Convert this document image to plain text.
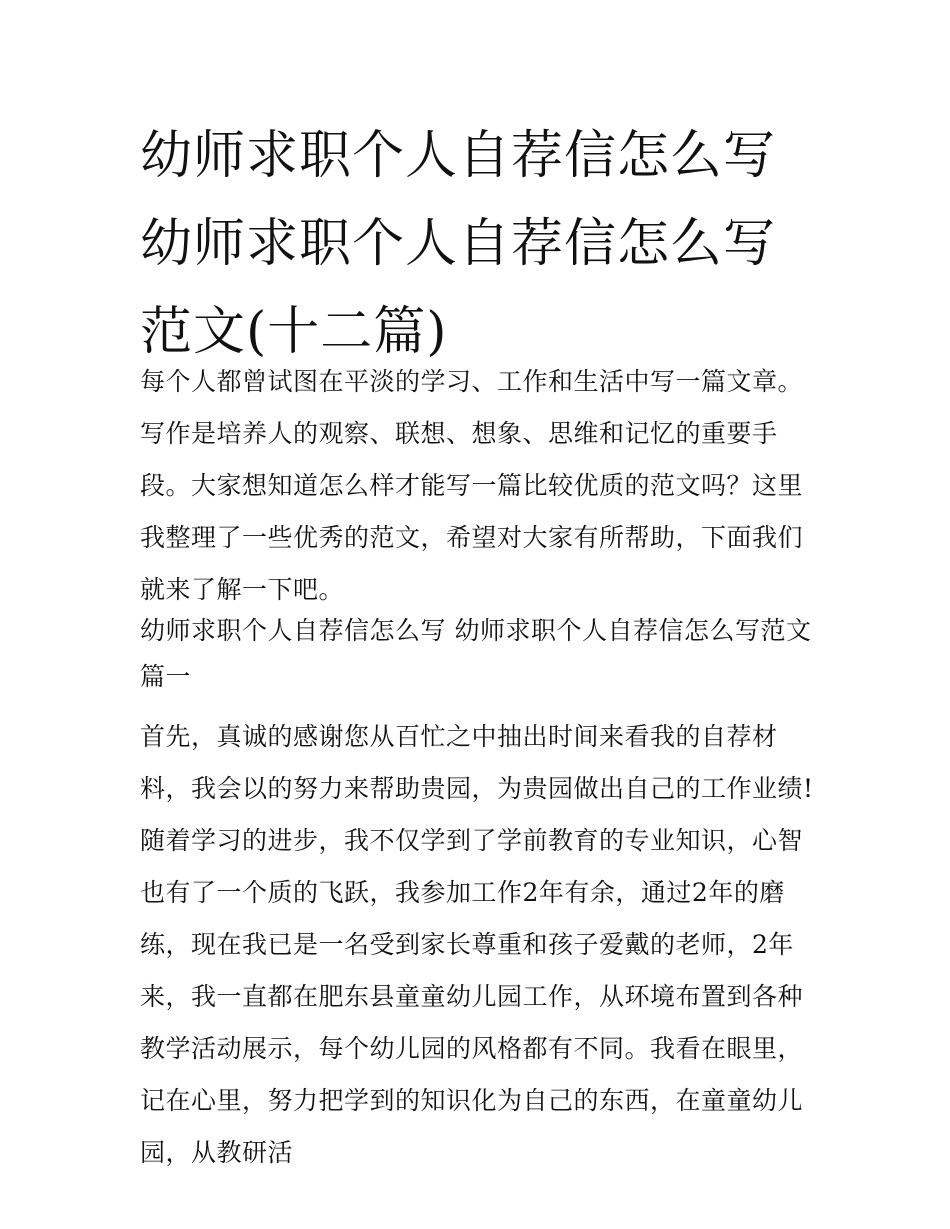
幼师求职个人自荐信怎么写 幼师求职个人自荐信怎么写范文(十二篇)

每个人都曾试图在平淡的学习、工作和生活中写一篇文章。写作是培养人的观察、联想、想象、思维和记忆的重要手段。大家想知道怎么样才能写一篇比较优质的范文吗？这里我整理了一些优秀的范文，希望对大家有所帮助，下面我们就来了解一下吧。

幼师求职个人自荐信怎么写 幼师求职个人自荐信怎么写范文篇一

首先，真诚的感谢您从百忙之中抽出时间来看我的自荐材料，我会以的努力来帮助贵园，为贵园做出自己的工作业绩!随着学习的进步，我不仅学到了学前教育的专业知识，心智也有了一个质的飞跃，我参加工作2年有余，通过2年的磨练，现在我已是一名受到家长尊重和孩子爱戴的老师，2年来，我一直都在肥东县童童幼儿园工作，从环境布置到各种教学活动展示，每个幼儿园的风格都有不同。我看在眼里，记在心里，努力把学到的知识化为自己的东西，在童童幼儿园，从教研活
